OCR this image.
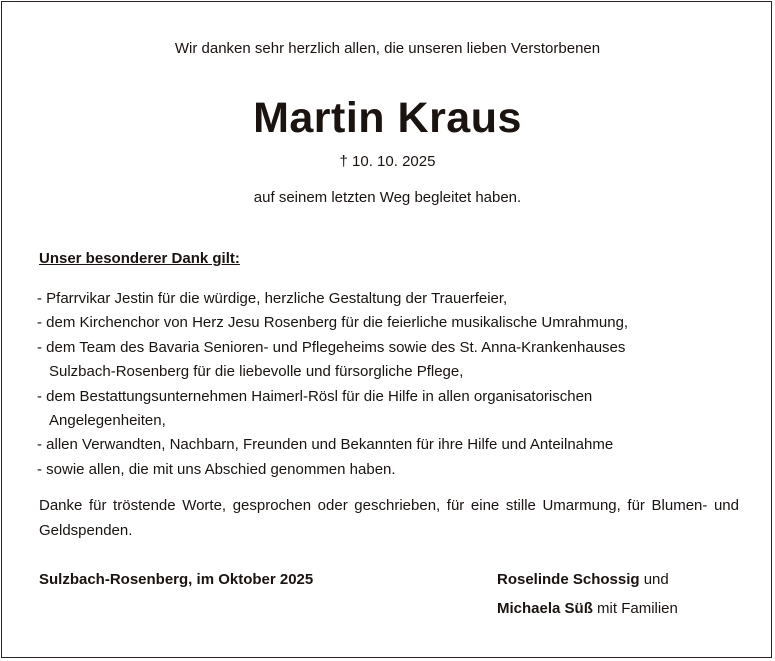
Wir danken sehr herzlich allen, die unseren lieben Verstorbenen
Martin Kraus
† 10. 10. 2025
auf seinem letzten Weg begleitet haben.
Unser besonderer Dank gilt:
- Pfarrvikar Jestin für die würdige, herzliche Gestaltung der Trauerfeier,
- dem Kirchenchor von Herz Jesu Rosenberg für die feierliche musikalische Umrahmung,
- dem Team des Bavaria Senioren- und Pflegeheims sowie des St. Anna-Krankenhauses
Sulzbach-Rosenberg für die liebevolle und fürsorgliche Pflege,
- dem Bestattungsunternehmen Haimerl-Rösl für die Hilfe in allen organisatorischen
Angelegenheiten,
- allen Verwandten, Nachbarn, Freunden und Bekannten für ihre Hilfe und Anteilnahme
- sowie allen, die mit uns Abschied genommen haben.
Danke für tröstende Worte, gesprochen oder geschrieben, für eine stille Umarmung, für Blumen- und Geldspenden.
Sulzbach-Rosenberg, im Oktober 2025	Roselinde Schossig und
Michaela Süß mit Familien
